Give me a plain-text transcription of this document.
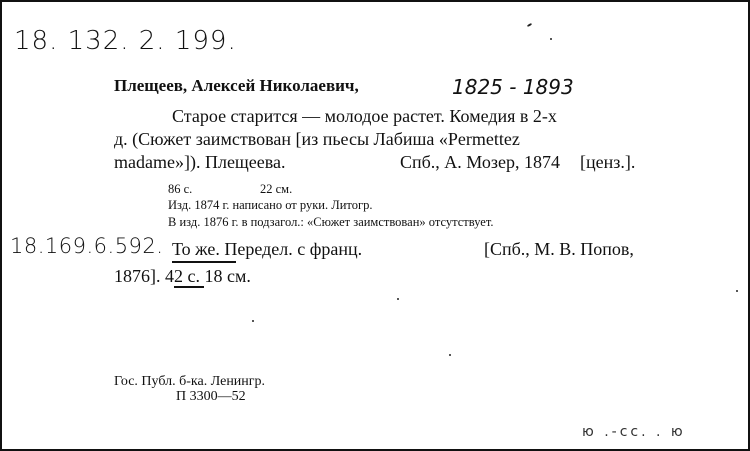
18. 132. 2. 199.
Плещеев, Алексей Николаевич,	1825 - 1893
Старое старится — молодое растет. Комедия в 2-х
д. (Сюжет заимствован [из пьесы Лабиша «Permettez
madame»]). Плещеева.	Спб., А. Мозер, 1874 [ценз.].
86 с.	22 см.
Изд. 1874 г. написано от руки. Литогр.
В изд. 1876 г. в подзагол.: «Сюжет заимствован» отсутствует.
18.169.6.592. То же. Передел. с франц.	[Спб., М. В. Попов,
1876]. 42 с. 18 см.
Гос. Публ. б-ка. Ленингр.
П 3300—52
ю .-сс. . ю
